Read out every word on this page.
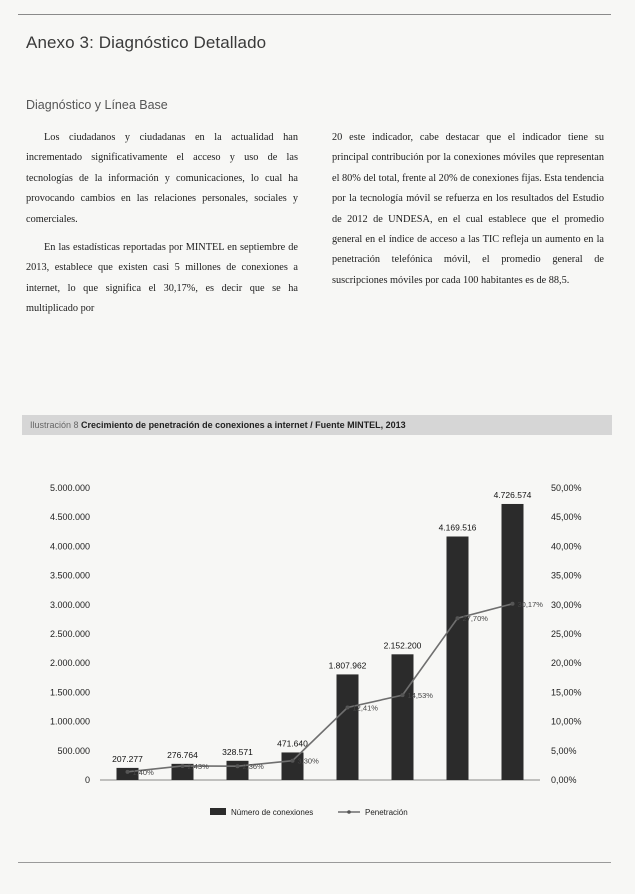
Anexo 3: Diagnóstico Detallado
Diagnóstico y Línea Base

Los ciudadanos y ciudadanas en la actualidad han incrementado significativamente el acceso y uso de las tecnologías de la información y comunicaciones, lo cual ha provocando cambios en las relaciones personales, sociales y comerciales.

En las estadísticas reportadas por MINTEL en septiembre de 2013, establece que existen casi 5 millones de conexiones a internet, lo que significa el 30,17%, es decir que se ha multiplicado por

20 este indicador, cabe destacar que el indicador tiene su principal contribución por la conexiones móviles que representan el 80% del total, frente al 20% de conexiones fijas. Esta tendencia por la tecnología móvil se refuerza en los resultados del Estudio de 2012 de UNDESA, en el cual establece que el promedio general en el índice de acceso a las TIC refleja un aumento en la penetración telefónica móvil, el promedio general de suscripciones móviles por cada 100 habitantes es de 88,5.

Ilustración 8 Crecimiento de penetración de conexiones a internet / Fuente MINTEL, 2013
0
500.000
1.000.000
1.500.000
2.000.000
2.500.000
3.000.000
3.500.000
4.000.000
4.500.000
5.000.000
0,00%
5,00%
10,00%
15,00%
20,00%
25,00%
30,00%
35,00%
40,00%
45,00%
50,00%
207.277	276.764	328.571
471.640
1.807.962
2.152.200
4.169.516
4.726.574
1,40%
2,43%	2,36%
3,30%
12,41%
14,53%
27,70%
30,17%
Número de conexiones	Penetración
